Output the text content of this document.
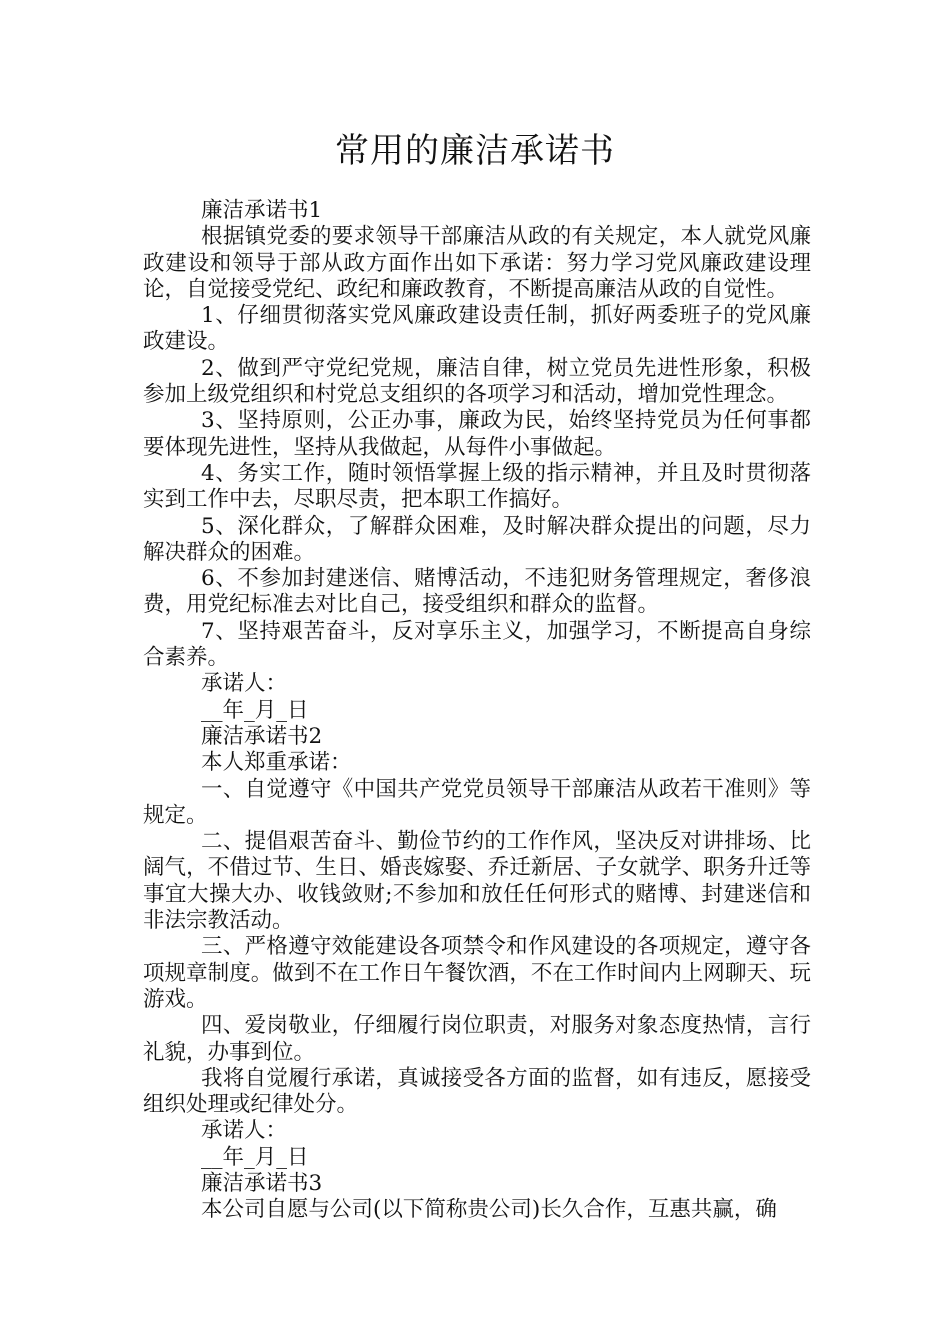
常用的廉洁承诺书

廉洁承诺书1

根据镇党委的要求领导干部廉洁从政的有关规定，本人就党风廉政建设和领导于部从政方面作出如下承诺：努力学习党风廉政建设理论，自觉接受党纪、政纪和廉政教育，不断提高廉洁从政的自觉性。

1、仔细贯彻落实党风廉政建设责任制，抓好两委班子的党风廉政建设。

2、做到严守党纪党规，廉洁自律，树立党员先进性形象，积极参加上级党组织和村党总支组织的各项学习和活动，增加党性理念。

3、坚持原则，公正办事，廉政为民，始终坚持党员为任何事都要体现先进性，坚持从我做起，从每件小事做起。

4、务实工作，随时领悟掌握上级的指示精神，并且及时贯彻落实到工作中去，尽职尽责，把本职工作搞好。

5、深化群众，了解群众困难，及时解决群众提出的问题，尽力解决群众的困难。

6、不参加封建迷信、赌博活动，不违犯财务管理规定，奢侈浪费，用党纪标准去对比自己，接受组织和群众的监督。

7、坚持艰苦奋斗，反对享乐主义，加强学习，不断提高自身综合素养。

承诺人：

__年_月_日

廉洁承诺书2

本人郑重承诺：

一、自觉遵守《中国共产党党员领导干部廉洁从政若干准则》等规定。

二、提倡艰苦奋斗、勤俭节约的工作作风，坚决反对讲排场、比阔气，不借过节、生日、婚丧嫁娶、乔迁新居、子女就学、职务升迁等事宜大操大办、收钱敛财;不参加和放任任何形式的赌博、封建迷信和非法宗教活动。

三、严格遵守效能建设各项禁令和作风建设的各项规定，遵守各项规章制度。做到不在工作日午餐饮酒，不在工作时间内上网聊天、玩游戏。

四、爱岗敬业，仔细履行岗位职责，对服务对象态度热情，言行礼貌，办事到位。

我将自觉履行承诺，真诚接受各方面的监督，如有违反，愿接受组织处理或纪律处分。

承诺人：

__年_月_日

廉洁承诺书3

本公司自愿与公司(以下简称贵公司)长久合作，互惠共赢，确
